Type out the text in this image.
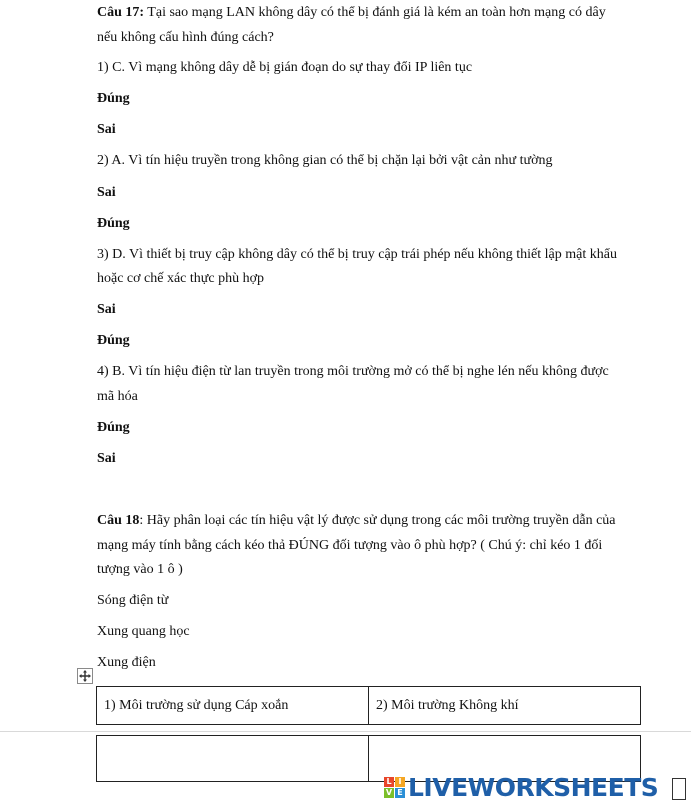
Câu 17: Tại sao mạng LAN không dây có thể bị đánh giá là kém an toàn hơn mạng có dây
nếu không cấu hình đúng cách?
1) C. Vì mạng không dây dễ bị gián đoạn do sự thay đổi IP liên tục
Đúng
Sai
2) A. Vì tín hiệu truyền trong không gian có thể bị chặn lại bởi vật cản như tường
Sai
Đúng
3) D. Vì thiết bị truy cập không dây có thể bị truy cập trái phép nếu không thiết lập mật khẩu
hoặc cơ chế xác thực phù hợp
Sai
Đúng
4) B. Vì tín hiệu điện từ lan truyền trong môi trường mở có thể bị nghe lén nếu không được
mã hóa
Đúng
Sai
Câu 18: Hãy phân loại các tín hiệu vật lý được sử dụng trong các môi trường truyền dẫn của
mạng máy tính bằng cách kéo thả ĐÚNG đối tượng vào ô phù hợp? ( Chú ý: chỉ kéo 1 đối
tượng vào 1 ô )
Sóng điện từ
Xung quang học
Xung điện
1) Môi trường sử dụng Cáp xoắn	2) Môi trường Không khí

L I
V E LIVEWORKSHEETS
